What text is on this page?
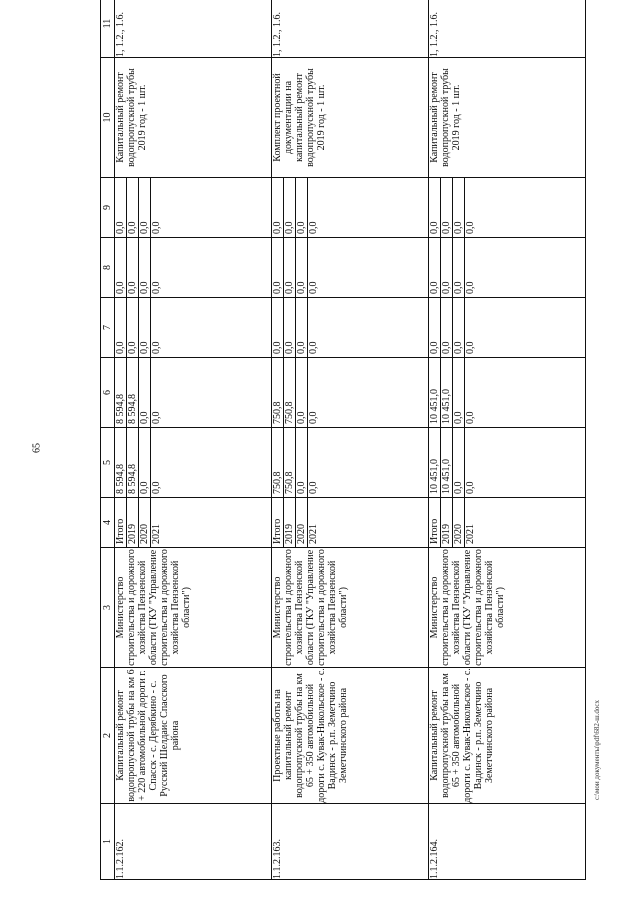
65
1	2	3	4	5	6	7	8	9	10	11
1.1.2.162.	Капитальный ремонт водопропускной трубы на км 6 + 220 автомобильной дороги г. Спасск - с. Дерябкино - с. Русский Шелдаис Спасского района	Министерство строительства и дорожного хозяйства Пензенской области (ГКУ "Управление строительства и дорожного хозяйства Пензенской области")	Итого 2019 2020 2021	8 594,8 8 594,8 0,0 0,0	8 594,8 8 594,8 0,0 0,0	0,0 0,0 0,0 0,0	0,0 0,0 0,0 0,0	0,0 0,0 0,0 0,0	Капитальный ремонт водопропускной трубы 2019 год - 1 шт.	1, 1.2., 1.6.
1.1.2.163.	Проектные работы на капитальный ремонт водопропускной трубы на км 65 + 350 автомобильной дороги с. Кувак-Никольское - с. Вадинск - р.п. Земетчино Земетчинского района	Министерство строительства и дорожного хозяйства Пензенской области (ГКУ "Управление строительства и дорожного хозяйства Пензенской области")	Итого 2019 2020 2021	750,8 750,8 0,0 0,0	750,8 750,8 0,0 0,0	0,0 0,0 0,0 0,0	0,0 0,0 0,0 0,0	0,0 0,0 0,0 0,0	Комплект проектной документации на капитальный ремонт водопропускной трубы 2019 год - 1 шт.	1, 1.2., 1.6.
1.1.2.164.	Капитальный ремонт водопропускной трубы на км 65 + 350 автомобильной дороги с. Кувак-Никольское - с. Вадинск - р.п. Земетчино Земетчинского района	Министерство строительства и дорожного хозяйства Пензенской области (ГКУ "Управление строительства и дорожного хозяйства Пензенской области")	Итого 2019 2020 2021	10 451,0 10 451,0 0,0 0,0	10 451,0 10 451,0 0,0 0,0	0,0 0,0 0,0 0,0	0,0 0,0 0,0 0,0	0,0 0,0 0,0 0,0	Капитальный ремонт водопропускной трубы 2019 год - 1 шт.	1, 1.2., 1.6.
c:\мои документы\pdf\682-ш.docx
